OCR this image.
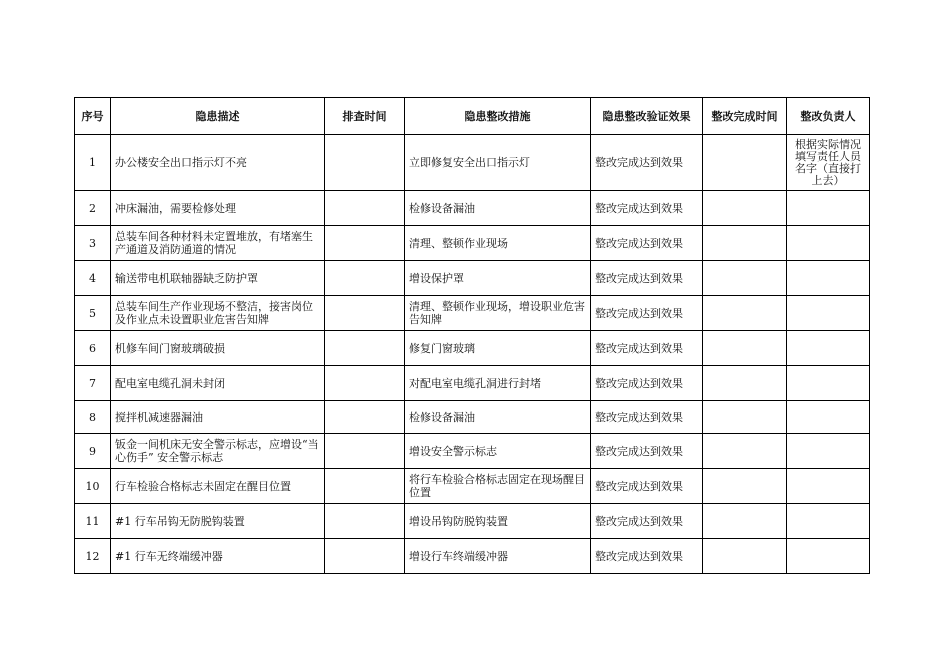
序号	隐患描述	排查时间	隐患整改措施	隐患整改验证效果	整改完成时间	整改负责人
1	办公楼安全出口指示灯不亮		立即修复安全出口指示灯	整改完成达到效果		根据实际情况填写责任人员名字（直接打上去）
2	冲床漏油，需要检修处理		检修设备漏油	整改完成达到效果		
3	总装车间各种材料未定置堆放，有堵塞生产通道及消防通道的情况		清理、整顿作业现场	整改完成达到效果		
4	输送带电机联轴器缺乏防护罩		增设保护罩	整改完成达到效果		
5	总装车间生产作业现场不整洁，接害岗位及作业点未设置职业危害告知牌		清理、整顿作业现场，增设职业危害告知牌	整改完成达到效果		
6	机修车间门窗玻璃破损		修复门窗玻璃	整改完成达到效果		
7	配电室电缆孔洞未封闭		对配电室电缆孔洞进行封堵	整改完成达到效果		
8	搅拌机减速器漏油		检修设备漏油	整改完成达到效果		
9	钣金一间机床无安全警示标志，应增设“当心伤手” 安全警示标志		增设安全警示标志	整改完成达到效果		
10	行车检验合格标志未固定在醒目位置		将行车检验合格标志固定在现场醒目位置	整改完成达到效果		
11	#1 行车吊钩无防脱钩装置		增设吊钩防脱钩装置	整改完成达到效果		
12	#1 行车无终端缓冲器		增设行车终端缓冲器	整改完成达到效果		
